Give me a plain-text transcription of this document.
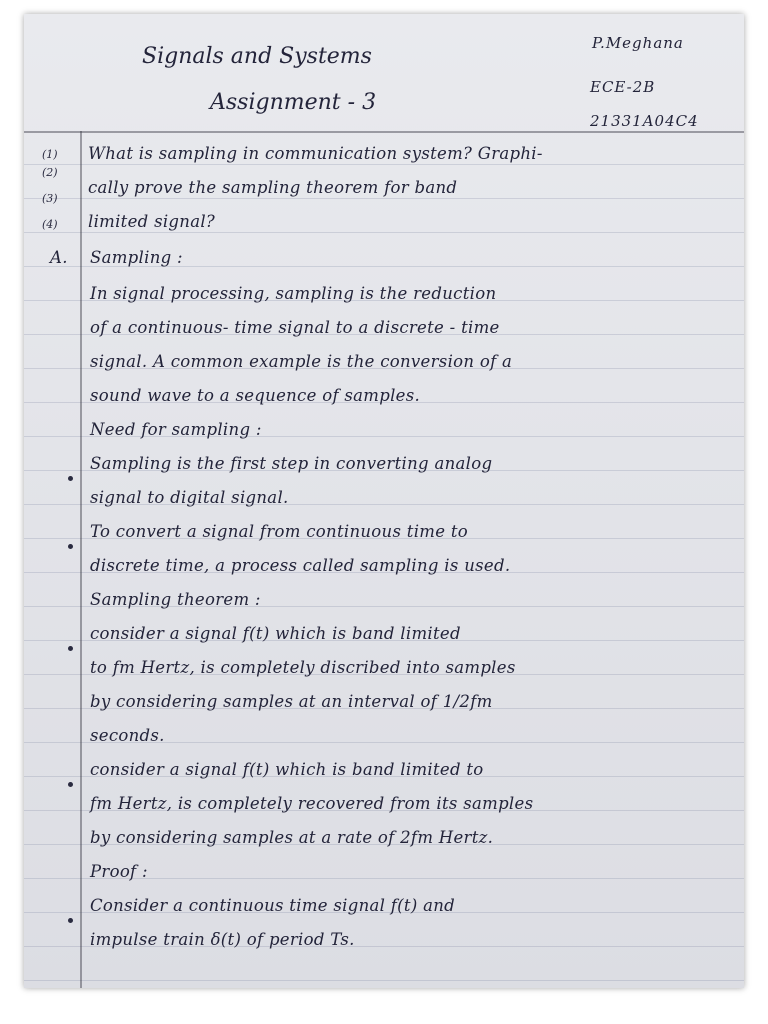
Signals and Systems
Assignment - 3
P.Meghana
ECE-2B
21331A04C4
(1)
(2)
(3)
(4)
What is sampling in communication system? Graphi-
cally prove the sampling theorem for band
limited signal?
A. Sampling :
In signal processing, sampling is the reduction
of a continuous- time signal to a discrete - time
signal. A common example is the conversion of a
sound wave to a sequence of samples.
Need for sampling :
Sampling is the first step in converting analog
signal to digital signal.
To convert a signal from continuous time to
discrete time, a process called sampling is used.
Sampling theorem :
consider a signal f(t) which is band limited
to fm Hertz, is completely discribed into samples
by considering samples at an interval of 1/2fm
seconds.
consider a signal f(t) which is band limited to
fm Hertz, is completely recovered from its samples
by considering samples at a rate of 2fm Hertz.
Proof :
Consider a continuous time signal f(t) and
impulse train δ(t) of period Ts.
